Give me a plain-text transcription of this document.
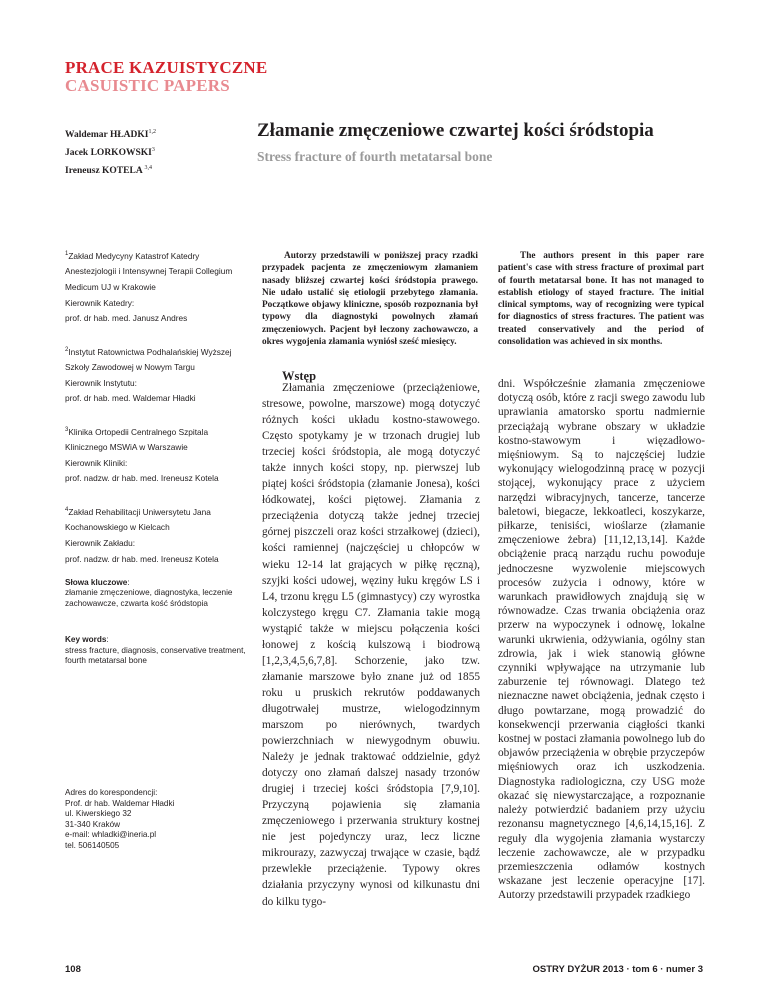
PRACE KAZUISTYCZNE
CASUISTIC PAPERS
Waldemar HŁADKI$^{1,2}$
Jacek LORKOWSKI$^3$
Ireneusz KOTELA $^{3,4}$
Złamanie zmęczeniowe czwartej kości śródstopia
Stress fracture of fourth metatarsal bone
$^1$Zakład Medycyny Katastrof Katedry
Anestezjologii i Intensywnej Terapii Collegium
Medicum UJ w Krakowie
Kierownik Katedry:
prof. dr hab. med. Janusz Andres
$^2$Instytut Ratownictwa Podhalańskiej Wyższej
Szkoły Zawodowej w Nowym Targu
Kierownik Instytutu:
prof. dr hab. med. Waldemar Hładki
$^3$Klinika Ortopedii Centralnego Szpitala
Klinicznego MSWiA w Warszawie
Kierownik Kliniki:
prof. nadzw. dr hab. med. Ireneusz Kotela
$^4$Zakład Rehabilitacji Uniwersytetu Jana
Kochanowskiego w Kielcach
Kierownik Zakładu:
prof. nadzw. dr hab. med. Ireneusz Kotela
Słowa kluczowe:
złamanie zmęczeniowe, diagnostyka, leczenie zachowawcze, czwarta kość śródstopia
Key words:
stress fracture, diagnosis, conservative treatment, fourth metatarsal bone
Adres do korespondencji:
Prof. dr hab. Waldemar Hładki
ul. Kiwerskiego 32
31-340 Kraków
e-mail: whladki@ineria.pl
tel. 506140505
Autorzy przedstawili w poniższej pracy rzadki przypadek pacjenta ze zmęczeniowym złamaniem nasady bliższej czwartej kości śródstopia prawego. Nie udało ustalić się etiologii przebytego złamania. Początkowe objawy kliniczne, sposób rozpoznania był typowy dla diagnostyki powolnych złamań zmęczeniowych. Pacjent był leczony zachowawczo, a okres wygojenia złamania wyniósł sześć miesięcy.
The authors present in this paper rare patient's case with stress fracture of proximal part of fourth metatarsal bone. It has not managed to establish etiology of stayed fracture. The initial clinical symptoms, way of recognizing were typical for diagnostics of stress fractures. The patient was treated conservatively and the period of consolidation was achieved in six months.
Wstęp
Złamania zmęczeniowe (przeciążeniowe, stresowe, powolne, marszowe) mogą dotyczyć różnych kości układu kostno-stawowego. Często spotykamy je w trzonach drugiej lub trzeciej kości śródstopia, ale mogą dotyczyć także innych kości stopy, np. pierwszej lub piątej kości śródstopia (złamanie Jonesa), kości łódkowatej, kości piętowej. Złamania z przeciążenia dotyczą także jednej trzeciej górnej piszczeli oraz kości strzałkowej (dzieci), kości ramiennej (najczęściej u chłopców w wieku 12-14 lat grających w piłkę ręczną), szyjki kości udowej, węziny łuku kręgów LS i L4, trzonu kręgu L5 (gimnastycy) czy wyrostka kolczystego kręgu C7. Złamania takie mogą wystąpić także w miejscu połączenia kości łonowej z kością kulszową i biodrową [1,2,3,4,5,6,7,8]. Schorzenie, jako tzw. złamanie marszowe było znane już od 1855 roku u pruskich rekrutów poddawanych długotrwałej mustrze, wielogodzinnym marszom po nierównych, twardych powierzchniach w niewygodnym obuwiu. Należy je jednak traktować oddzielnie, gdyż dotyczy ono złamań dalszej nasady trzonów drugiej i trzeciej kości śródstopia [7,9,10]. Przyczyną pojawienia się złamania zmęczeniowego i przerwania struktury kostnej nie jest pojedynczy uraz, lecz liczne mikrourazy, zazwyczaj trwające w czasie, bądź przewlekłe przeciążenie. Typowy okres działania przyczyny wynosi od kilkunastu dni do kilku tygo-
dni. Współcześnie złamania zmęczeniowe dotyczą osób, które z racji swego zawodu lub uprawiania amatorsko sportu nadmiernie przeciążają wybrane obszary w układzie kostno-stawowym i więzadłowo-mięśniowym. Są to najczęściej ludzie wykonujący wielogodzinną pracę w pozycji stojącej, wykonujący prace z użyciem narzędzi wibracyjnych, tancerze, tancerze baletowi, biegacze, lekkoatleci, koszykarze, piłkarze, tenisiści, wioślarze (złamanie zmęczeniowe żebra) [11,12,13,14]. Każde obciążenie pracą narządu ruchu powoduje jednoczesne wyzwolenie miejscowych procesów zużycia i odnowy, które w warunkach prawidłowych znajdują się w równowadze. Czas trwania obciążenia oraz przerw na wypoczynek i odnowę, lokalne warunki ukrwienia, odżywiania, ogólny stan zdrowia, jak i wiek stanowią główne czynniki wpływające na utrzymanie lub zaburzenie tej równowagi. Dlatego też nieznaczne nawet obciążenia, jednak często i długo powtarzane, mogą prowadzić do konsekwencji przerwania ciągłości tkanki kostnej w postaci złamania powolnego lub do objawów przeciążenia w obrębie przyczepów mięśniowych oraz ich uszkodzenia. Diagnostyka radiologiczna, czy USG może okazać się niewystarczające, a rozpoznanie należy potwierdzić badaniem przy użyciu rezonansu magnetycznego [4,6,14,15,16]. Z reguły dla wygojenia złamania wystarczy leczenie zachowawcze, ale w przypadku przemieszczenia odłamów kostnych wskazane jest leczenie operacyjne [17]. Autorzy przedstawili przypadek rzadkiego
108	OSTRY DYŻUR 2013 · tom 6 · numer 3
